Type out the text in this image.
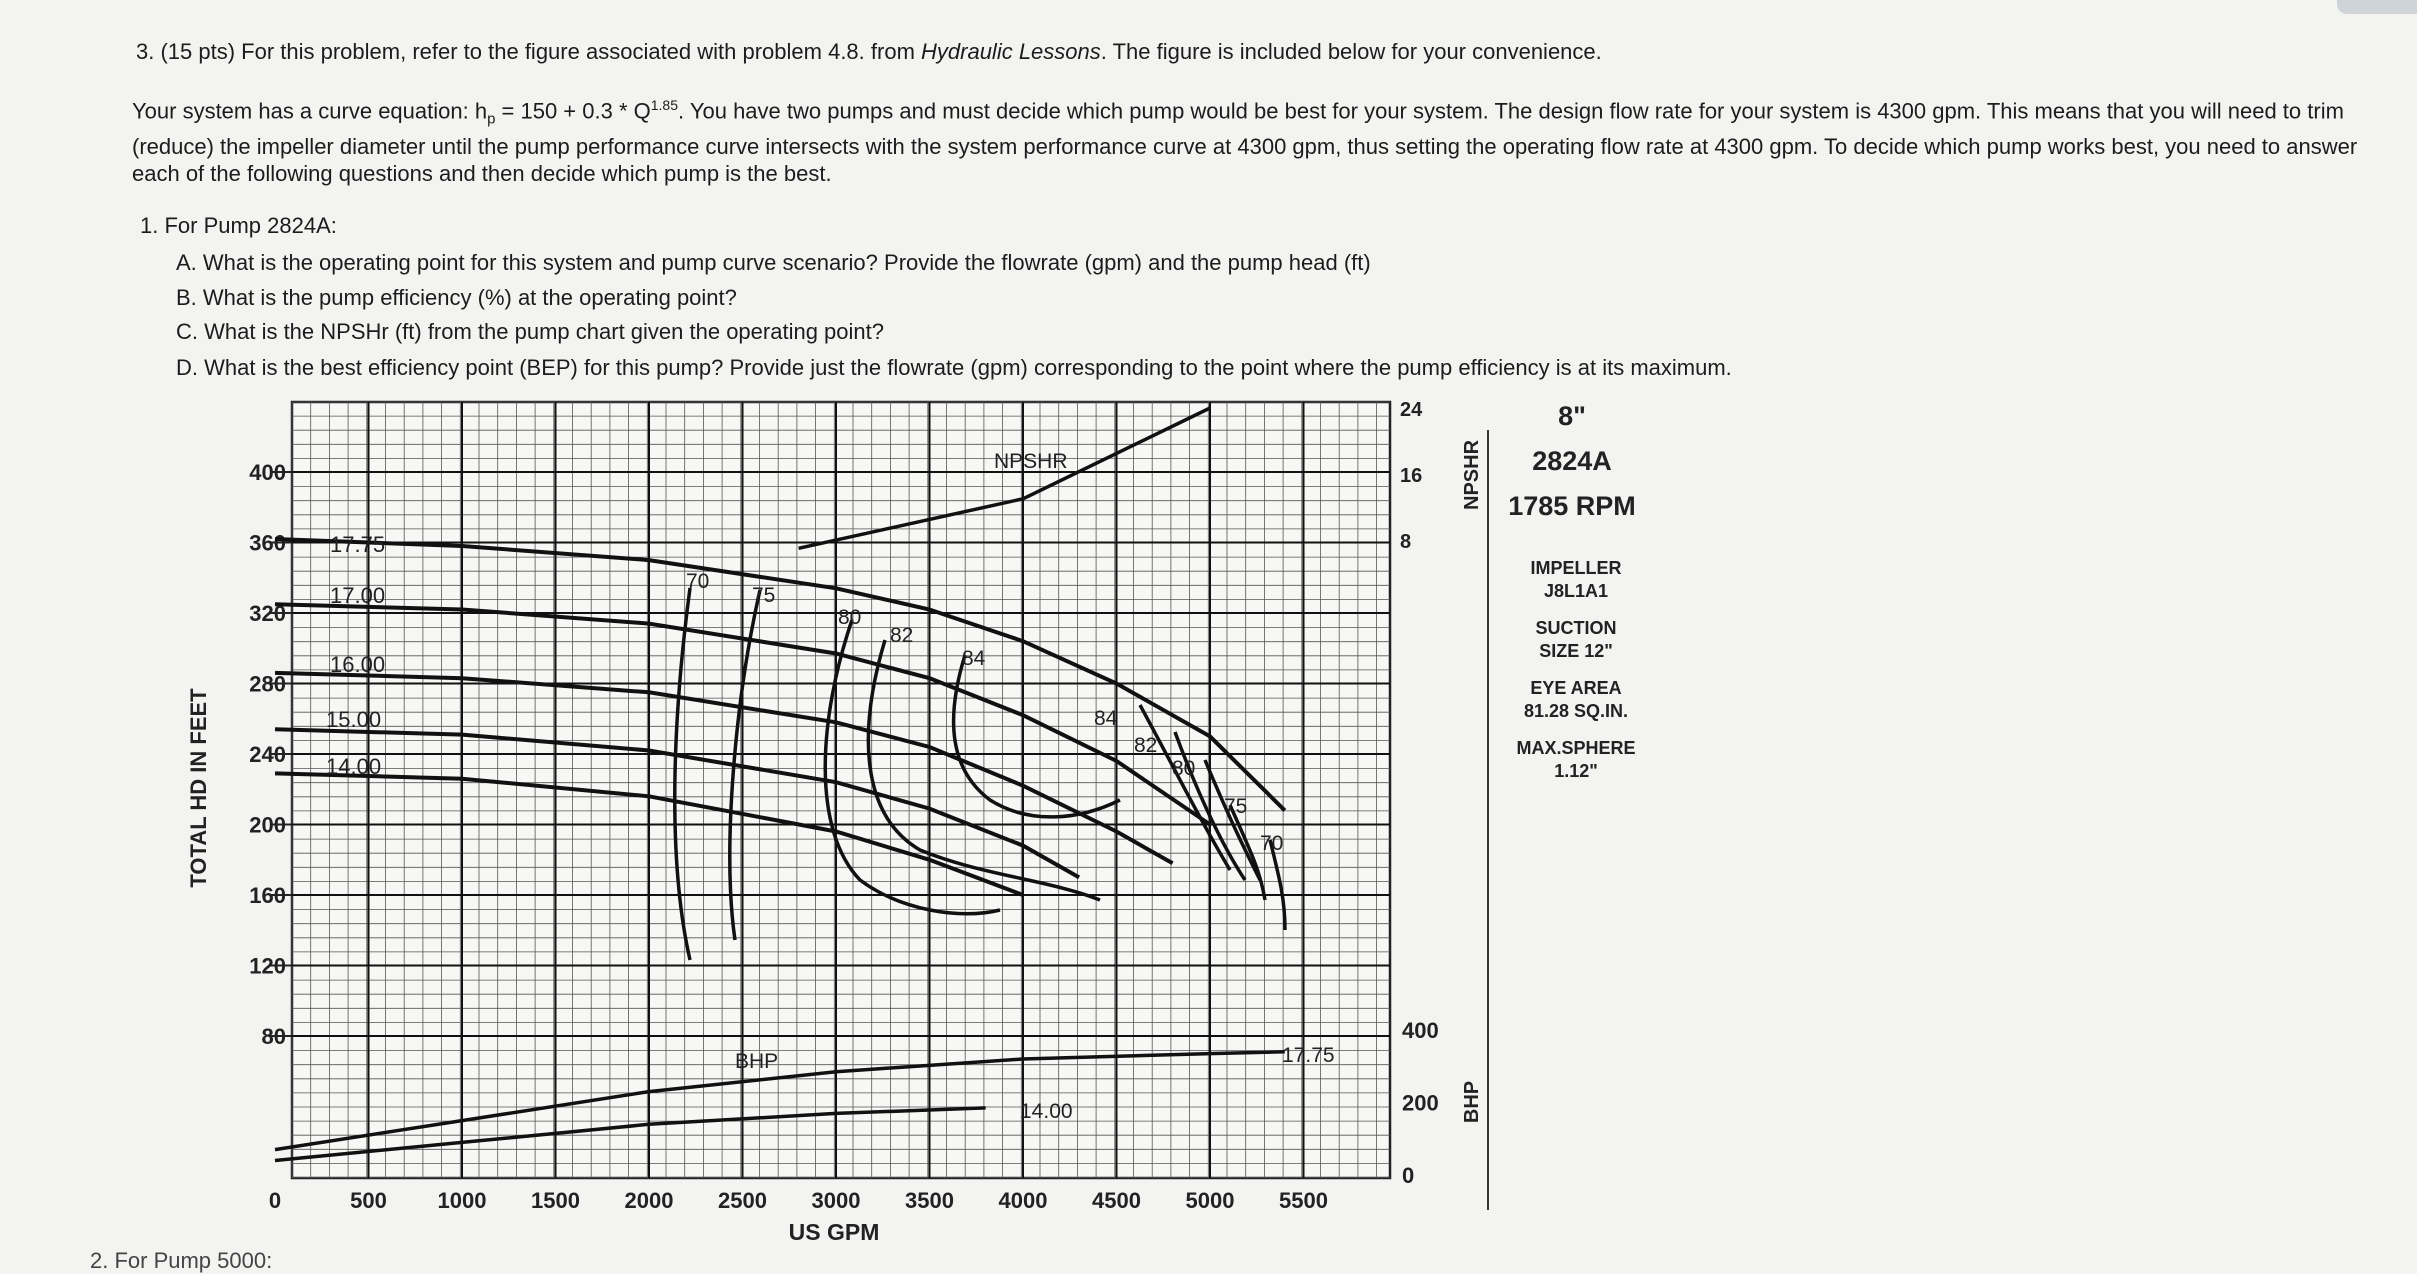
3. (15 pts) For this problem, refer to the figure associated with problem 4.8. from Hydraulic Lessons. The figure is included below for your convenience.
Your system has a curve equation: $h_p = 150 + 0.3 * Q^{1.85}$. You have two pumps and must decide which pump would be best for your system. The design flow rate for your system is 4300 gpm. This means that you will need to trim (reduce) the impeller diameter until the pump performance curve intersects with the system performance curve at 4300 gpm, thus setting the operating flow rate at 4300 gpm. To decide which pump works best, you need to answer each of the following questions and then decide which pump is the best.
1. For Pump 2824A:
A. What is the operating point for this system and pump curve scenario? Provide the flowrate (gpm) and the pump head (ft)
B. What is the pump efficiency (%) at the operating point?
C. What is the NPSHr (ft) from the pump chart given the operating point?
D. What is the best efficiency point (BEP) for this pump? Provide just the flowrate (gpm) corresponding to the point where the pump efficiency is at its maximum.
80
120
160
200
240
280
320
360
400
0	500 1000 1500 2000 2500 3000 3500 4000 4500 5000 5500
US GPM
TOTAL HD IN FEET
24
16
8
NPSHR
400
200
0
BHP
17.75
17.00
16.00
15.00
14.00
70
75
80
82
84
84
82
80
75
70
NPSHR
BHP	17.75
14.00
8"
2824A
1785 RPM
IMPELLER
J8L1A1
SUCTION
SIZE 12"
EYE AREA
81.28 SQ.IN.
MAX.SPHERE
1.12"
2. For Pump 5000:
